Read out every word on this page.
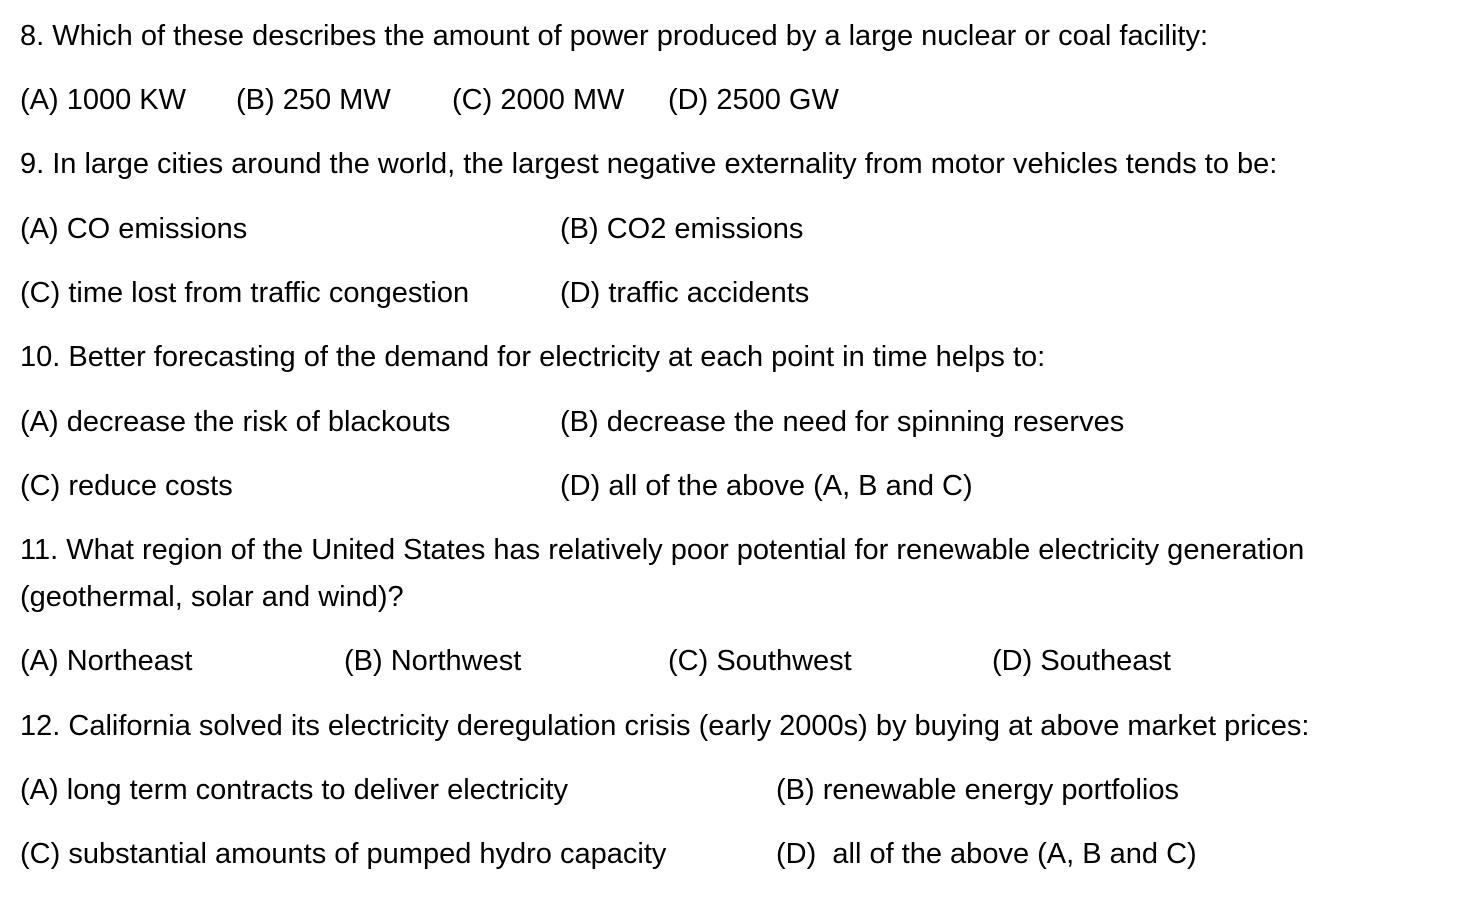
8. Which of these describes the amount of power produced by a large nuclear or coal facility:
(A) 1000 KW (B) 250 MW (C) 2000 MW (D) 2500 GW
9. In large cities around the world, the largest negative externality from motor vehicles tends to be:
(A) CO emissions	(B) CO2 emissions
(C) time lost from traffic congestion	(D) traffic accidents
10. Better forecasting of the demand for electricity at each point in time helps to:
(A) decrease the risk of blackouts	(B) decrease the need for spinning reserves
(C) reduce costs	(D) all of the above (A, B and C)
11. What region of the United States has relatively poor potential for renewable electricity generation
(geothermal, solar and wind)?
(A) Northeast	(B) Northwest	(C) Southwest	(D) Southeast
12. California solved its electricity deregulation crisis (early 2000s) by buying at above market prices:
(A) long term contracts to deliver electricity	(B) renewable energy portfolios
(C) substantial amounts of pumped hydro capacity	(D)  all of the above (A, B and C)
